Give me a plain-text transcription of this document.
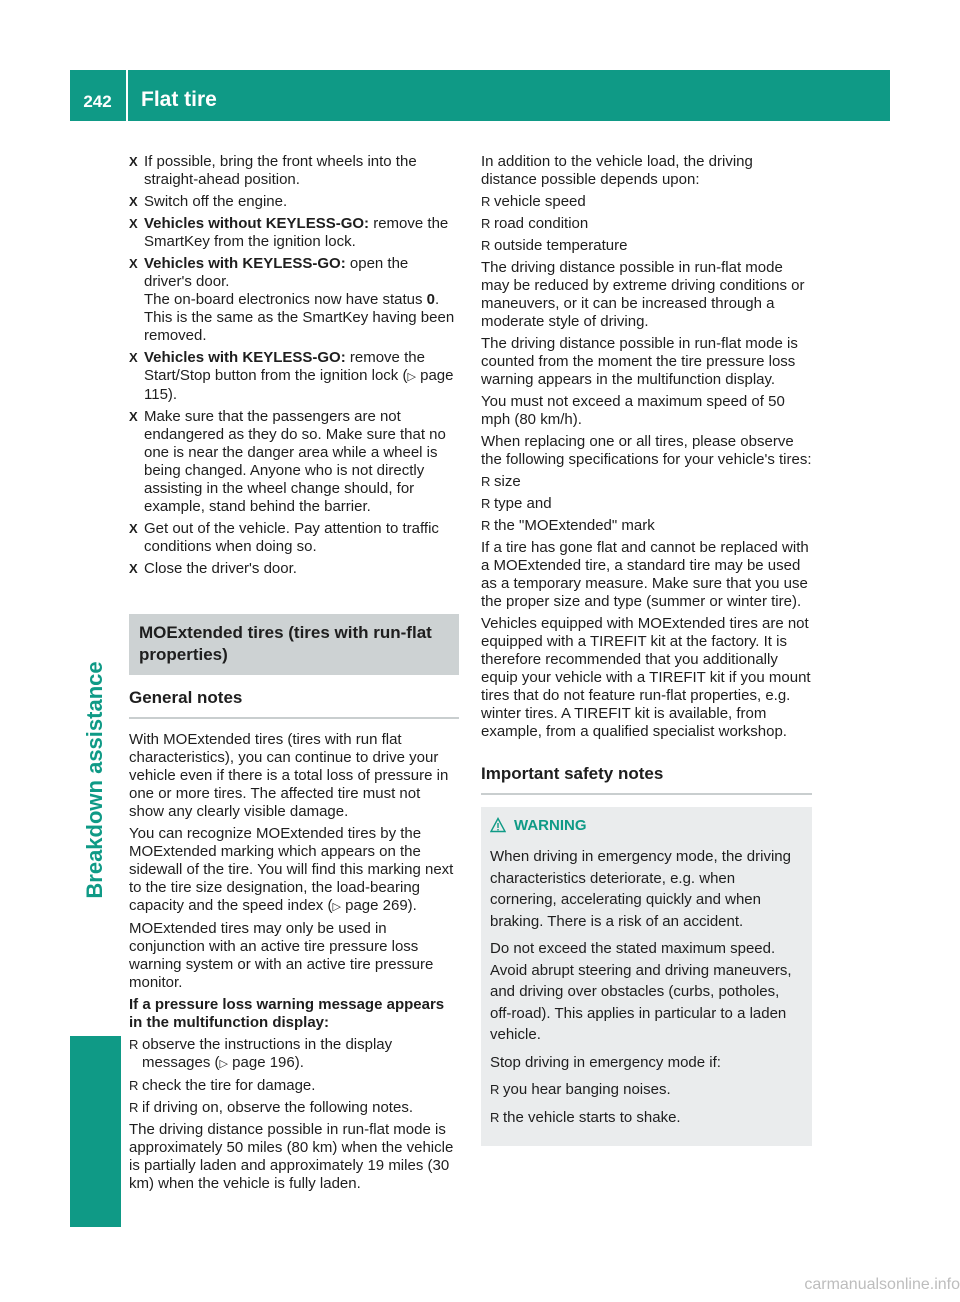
242	Flat tire
Breakdown assistance
X If possible, bring the front wheels into the straight-ahead position.
X Switch off the engine.
X Vehicles without KEYLESS-GO: remove the SmartKey from the ignition lock.
X Vehicles with KEYLESS-GO: open the driver's door.
The on-board electronics now have status 0.
This is the same as the SmartKey having been removed.
X Vehicles with KEYLESS-GO: remove the Start/Stop button from the ignition lock (▷ page 115).
X Make sure that the passengers are not endangered as they do so. Make sure that no one is near the danger area while a wheel is being changed. Anyone who is not directly assisting in the wheel change should, for example, stand behind the barrier.
X Get out of the vehicle. Pay attention to traffic conditions when doing so.
X Close the driver's door.
MOExtended tires (tires with run-flat properties)
General notes

With MOExtended tires (tires with run flat characteristics), you can continue to drive your vehicle even if there is a total loss of pressure in one or more tires. The affected tire must not show any clearly visible damage.

You can recognize MOExtended tires by the MOExtended marking which appears on the sidewall of the tire. You will find this marking next to the tire size designation, the load-bearing capacity and the speed index (▷ page 269).

MOExtended tires may only be used in conjunction with an active tire pressure loss warning system or with an active tire pressure monitor.

If a pressure loss warning message appears in the multifunction display:

R observe the instructions in the display messages (▷ page 196).
R check the tire for damage.
R if driving on, observe the following notes.

The driving distance possible in run-flat mode is approximately 50 miles (80 km) when the vehicle is partially laden and approximately 19 miles (30 km) when the vehicle is fully laden.

In addition to the vehicle load, the driving distance possible depends upon:

R vehicle speed
R road condition
R outside temperature

The driving distance possible in run-flat mode may be reduced by extreme driving conditions or maneuvers, or it can be increased through a moderate style of driving.

The driving distance possible in run-flat mode is counted from the moment the tire pressure loss warning appears in the multifunction display.

You must not exceed a maximum speed of 50 mph (80 km/h).

When replacing one or all tires, please observe the following specifications for your vehicle's tires:

R size
R type and
R the "MOExtended" mark

If a tire has gone flat and cannot be replaced with a MOExtended tire, a standard tire may be used as a temporary measure. Make sure that you use the proper size and type (summer or winter tire).

Vehicles equipped with MOExtended tires are not equipped with a TIREFIT kit at the factory. It is therefore recommended that you additionally equip your vehicle with a TIREFIT kit if you mount tires that do not feature run-flat properties, e.g. winter tires. A TIREFIT kit is available, from example, from a qualified specialist workshop.

Important safety notes
WARNING

When driving in emergency mode, the driving characteristics deteriorate, e.g. when cornering, accelerating quickly and when braking. There is a risk of an accident.

Do not exceed the stated maximum speed. Avoid abrupt steering and driving maneuvers, and driving over obstacles (curbs, potholes, off-road). This applies in particular to a laden vehicle.

Stop driving in emergency mode if:

R you hear banging noises.
R the vehicle starts to shake.
carmanualsonline.info
